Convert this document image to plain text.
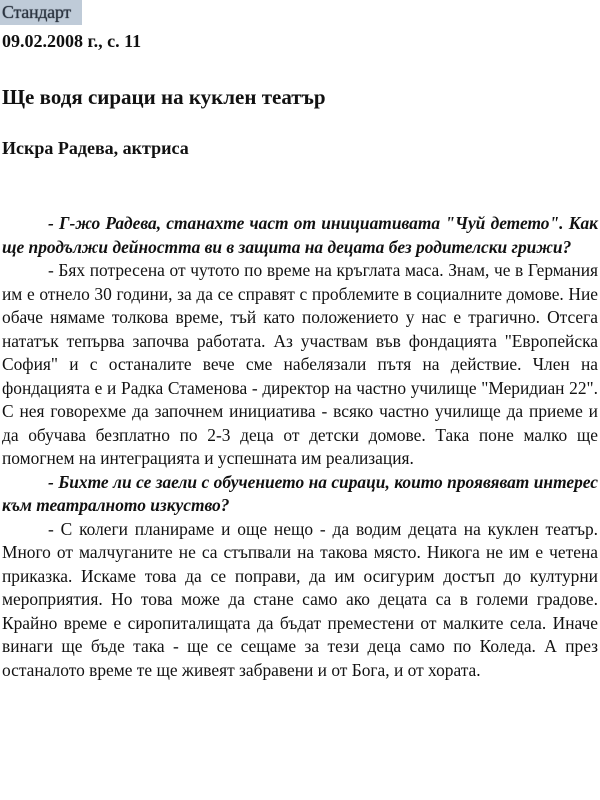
Стандарт
09.02.2008 г., с. 11
Ще водя сираци на куклен театър
Искра Радева, актриса

- Г-жо Радева, станахте част от инициативата "Чуй детето". Как ще продължи дейността ви в защита на децата без родителски грижи?

- Бях потресена от чутото по време на кръглата маса. Знам, че в Германия им е отнело 30 години, за да се справят с проблемите в социалните домове. Ние обаче нямаме толкова време, тъй като положението у нас е трагично. Отсега нататък тепърва започва работата. Аз участвам във фондацията "Европейска София" и с останалите вече сме набелязали пътя на действие. Член на фондацията е и Радка Стаменова - директор на частно училище "Меридиан 22". С нея говорехме да започнем инициатива - всяко частно училище да приеме и да обучава безплатно по 2-3 деца от детски домове. Така поне малко ще помогнем на интеграцията и успешната им реализация.

- Бихте ли се заели с обучението на сираци, които проявяват интерес към театралното изкуство?

- С колеги планираме и още нещо - да водим децата на куклен театър. Много от малчуганите не са стъпвали на такова място. Никога не им е четена приказка. Искаме това да се поправи, да им осигурим достъп до културни мероприятия. Но това може да стане само ако децата са в големи градове. Крайно време е сиропиталищата да бъдат преместени от малките села. Иначе винаги ще бъде така - ще се сещаме за тези деца само по Коледа. А през останалото време те ще живеят забравени и от Бога, и от хората.
